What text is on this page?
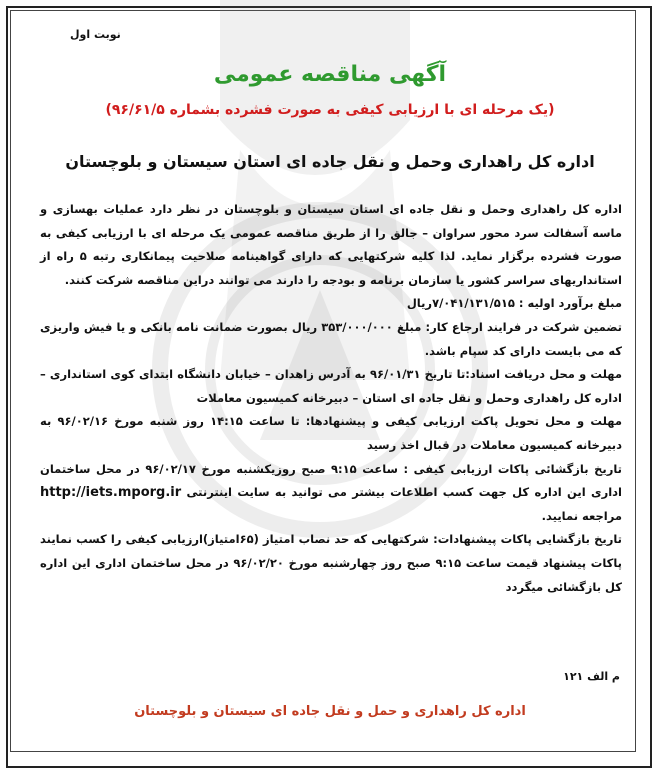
نوبت اول
آگهی مناقصه عمومی
(یک مرحله ای با ارزیابی کیفی به صورت فشرده بشماره ۹۶/۶۱/۵)
اداره کل راهداری وحمل و نقل جاده ای استان سیستان و بلوچستان

اداره کل راهداری وحمل و نقل جاده ای استان سیستان و بلوچستان در نظر دارد عملیات بهسازی و ماسه آسفالت سرد محور سراوان – جالق را از طریق مناقصه عمومی یک مرحله ای با ارزیابی کیفی به صورت فشرده برگزار نماید. لذا کلیه شرکتهایی که دارای گواهینامه صلاحیت پیمانکاری رتبه ۵ راه از استانداریهای سراسر کشور یا سازمان برنامه و بودجه را دارند می توانند دراین مناقصه شرکت کنند.

مبلغ برآورد اولیه : ۷/۰۴۱/۱۳۱/۵۱۵ریال

تضمین شرکت در فرایند ارجاع کار: مبلغ ۳۵۳/۰۰۰/۰۰۰ ریال بصورت ضمانت نامه بانکی و یا فیش واریزی که می بایست دارای کد سپام باشد.

مهلت و محل دریافت اسناد:تا تاریخ ۹۶/۰۱/۳۱ به آدرس زاهدان – خیابان دانشگاه ابتدای کوی استانداری – اداره کل راهداری وحمل و نقل جاده ای استان – دبیرخانه کمیسیون معاملات

مهلت و محل تحویل پاکت ارزیابی کیفی و پیشنهادها: تا ساعت ۱۴:۱۵ روز شنبه مورخ ۹۶/۰۲/۱۶ به دبیرخانه کمیسیون معاملات در قبال اخذ رسید

تاریخ بازگشائی پاکات ارزیابی کیفی : ساعت ۹:۱۵ صبح روزیکشنبه مورخ ۹۶/۰۲/۱۷ در محل ساختمان اداری این اداره کل جهت کسب اطلاعات بیشتر می توانید به سایت اینترنتی http://iets.mporg.ir مراجعه نمایید.

تاریخ بازگشایی پاکات پیشنهادات: شرکتهایی که حد نصاب امتیاز (۶۵امتیاز)ارزیابی کیفی را کسب نمایند پاکات پیشنهاد قیمت ساعت ۹:۱۵ صبح روز چهارشنبه مورخ ۹۶/۰۲/۲۰ در محل ساختمان اداری این اداره کل بازگشائی میگردد

م الف ۱۲۱
اداره کل راهداری و حمل و نقل جاده ای سیستان و بلوچستان
